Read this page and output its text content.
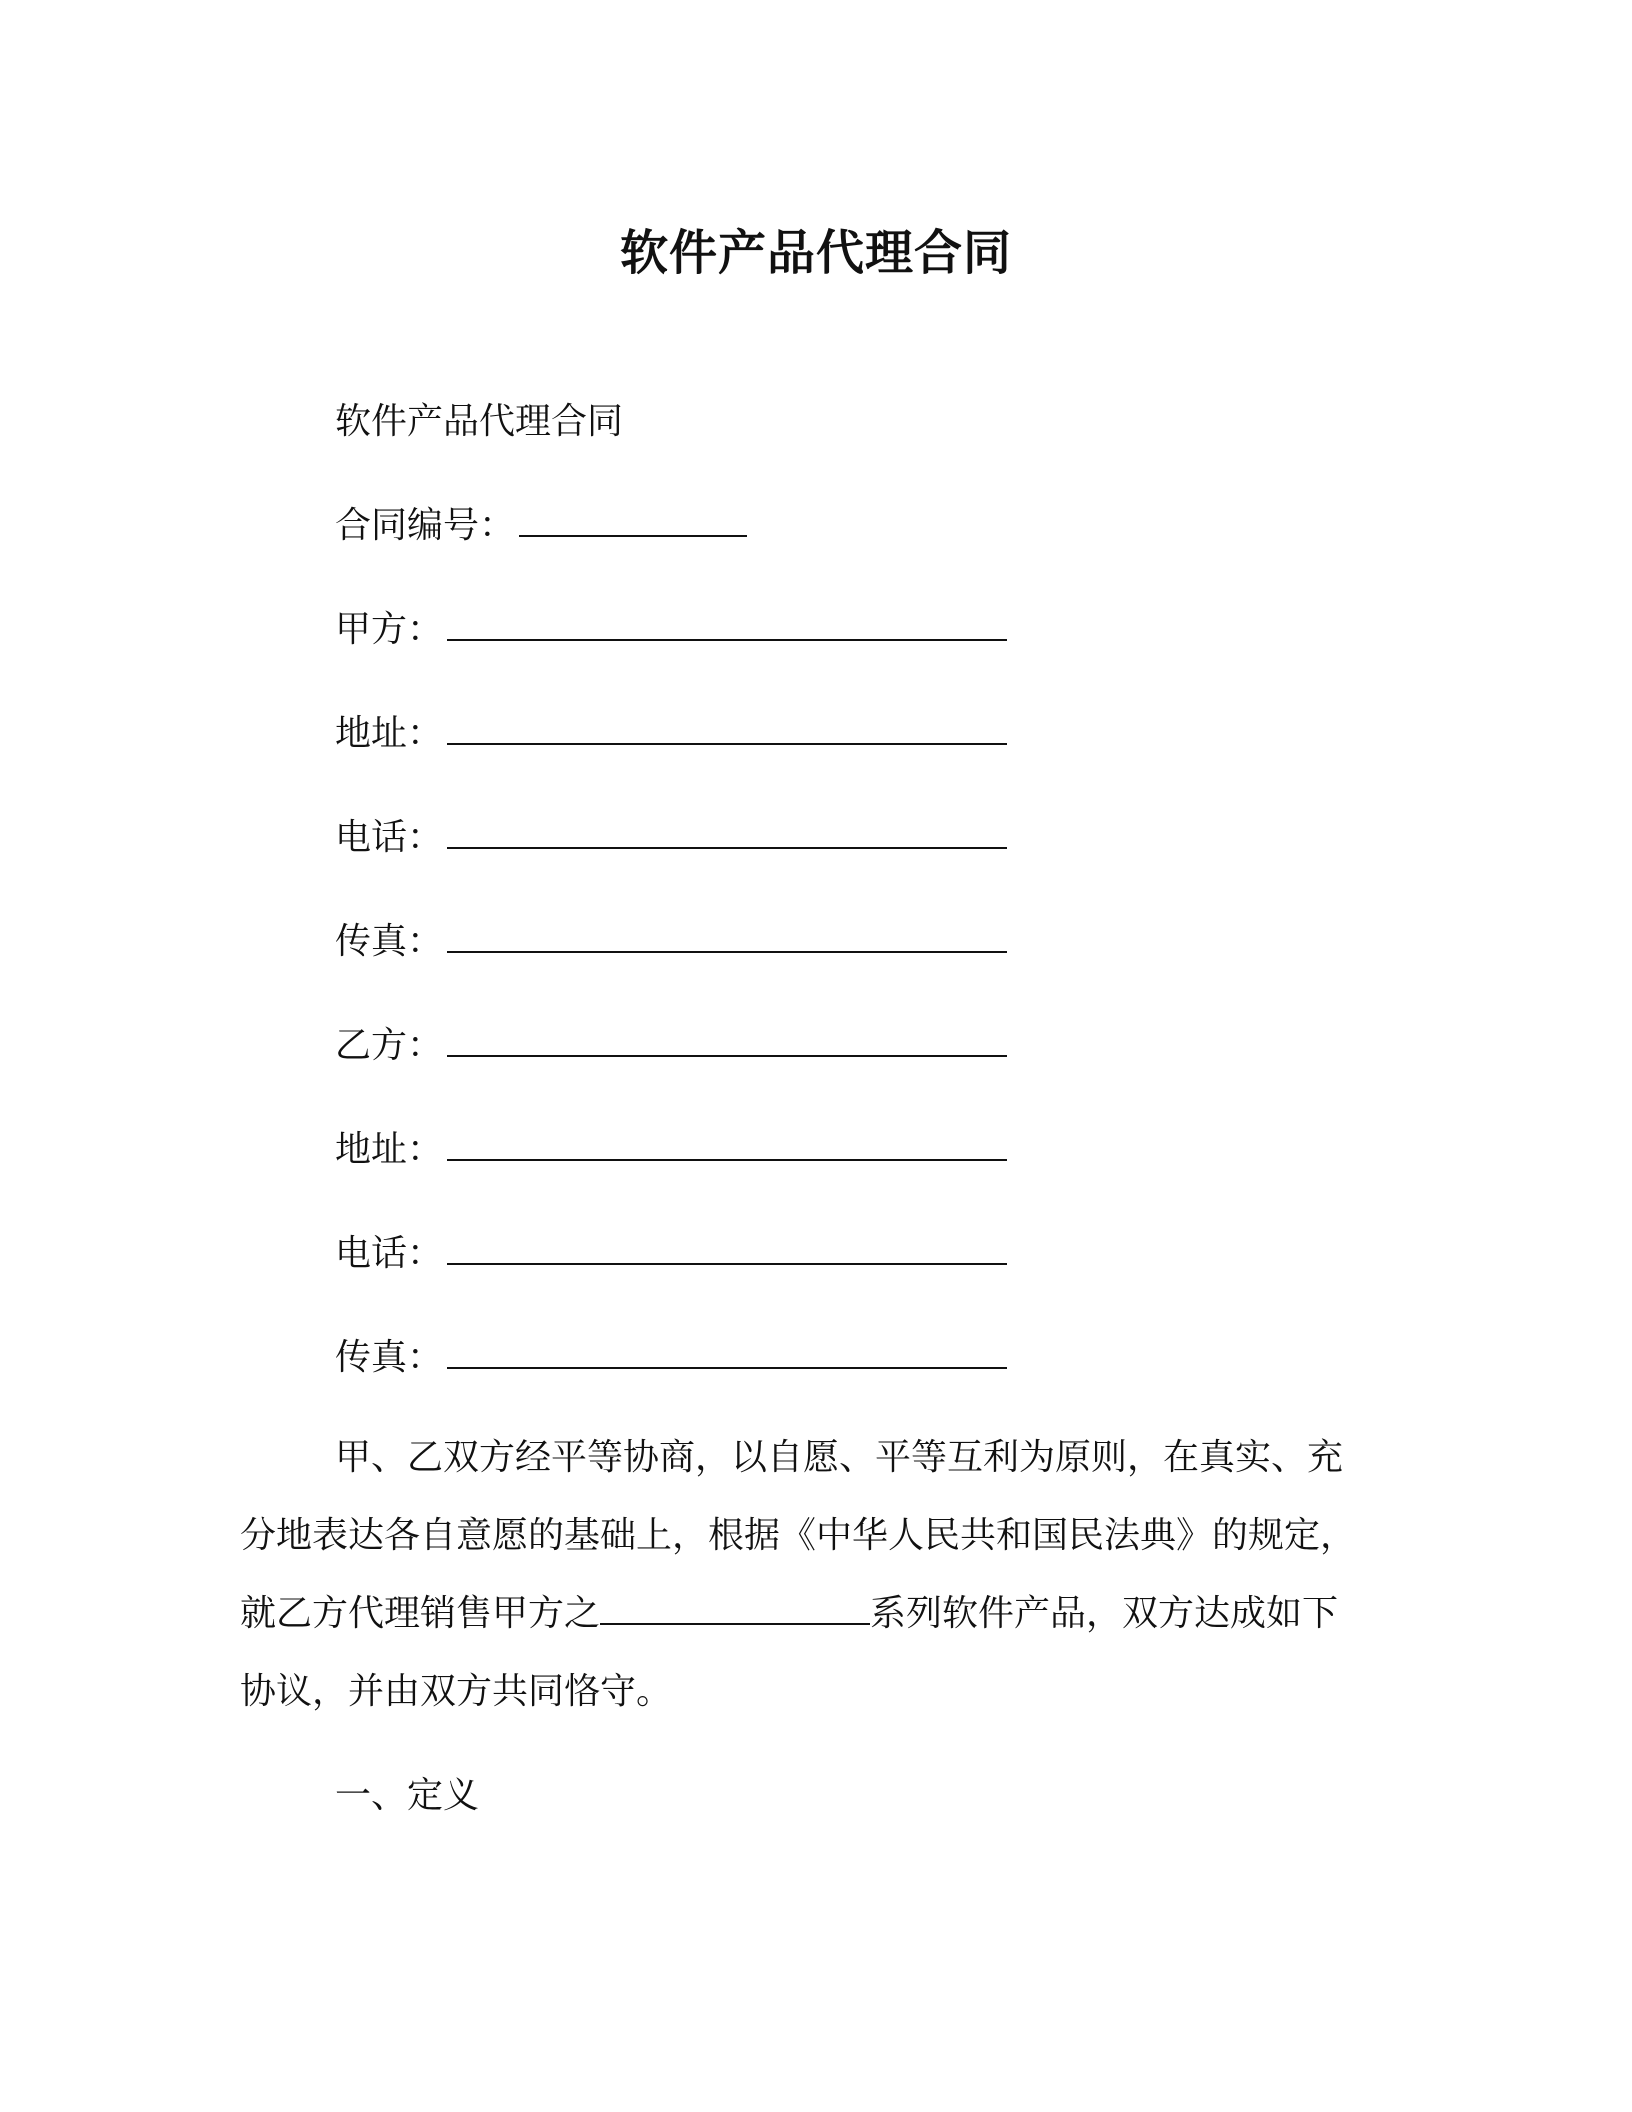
软件产品代理合同
软件产品代理合同
合同编号：
甲方：
地址：
电话：
传真：
乙方：
地址：
电话：
传真：
甲、乙双方经平等协商，以自愿、平等互利为原则，在真实、充
分地表达各自意愿的基础上，根据《中华人民共和国民法典》的规定，
就乙方代理销售甲方之	系列软件产品，双方达成如下
协议，并由双方共同恪守。
一、定义
